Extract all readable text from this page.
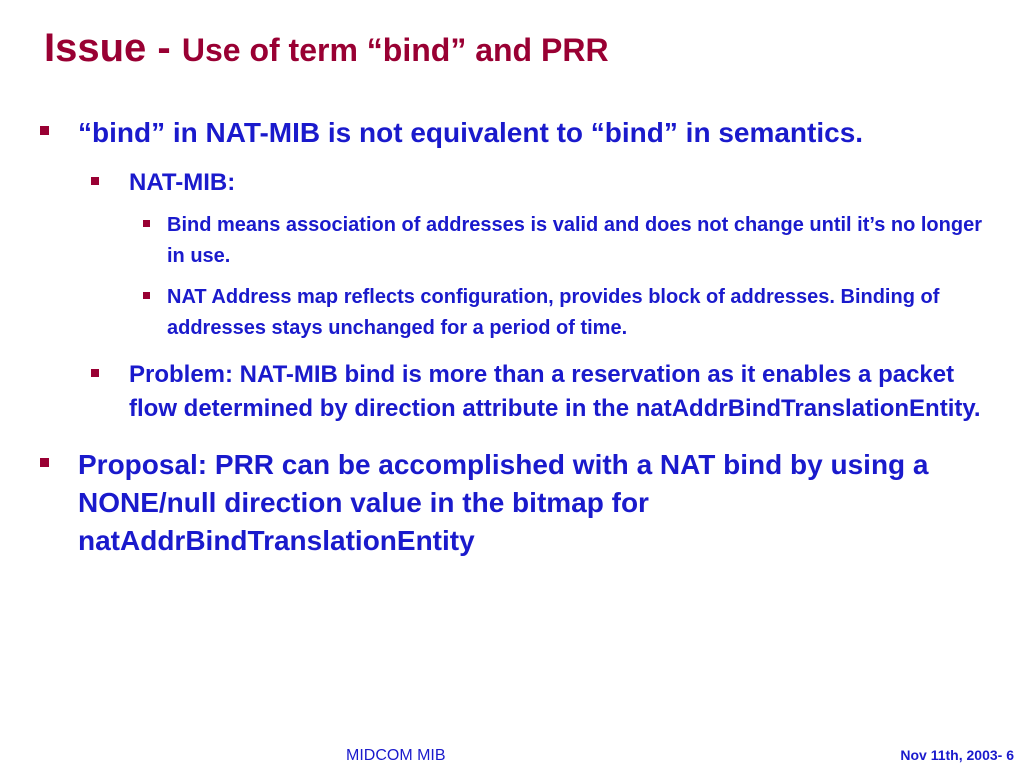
Issue - Use of term “bind” and PRR
“bind” in NAT-MIB is not equivalent to “bind” in semantics.
NAT-MIB:
Bind means association of addresses is valid and does not change until it’s no longer in use.
NAT Address map reflects configuration, provides block of addresses. Binding of addresses stays unchanged for a period of time.
Problem: NAT-MIB bind is more than a reservation as it enables a packet flow determined by direction attribute in the natAddrBindTranslationEntity.
Proposal: PRR can be accomplished with a NAT bind by using a NONE/null direction value in the bitmap for natAddrBindTranslationEntity
MIDCOM MIB	Nov 11th, 2003- 6
